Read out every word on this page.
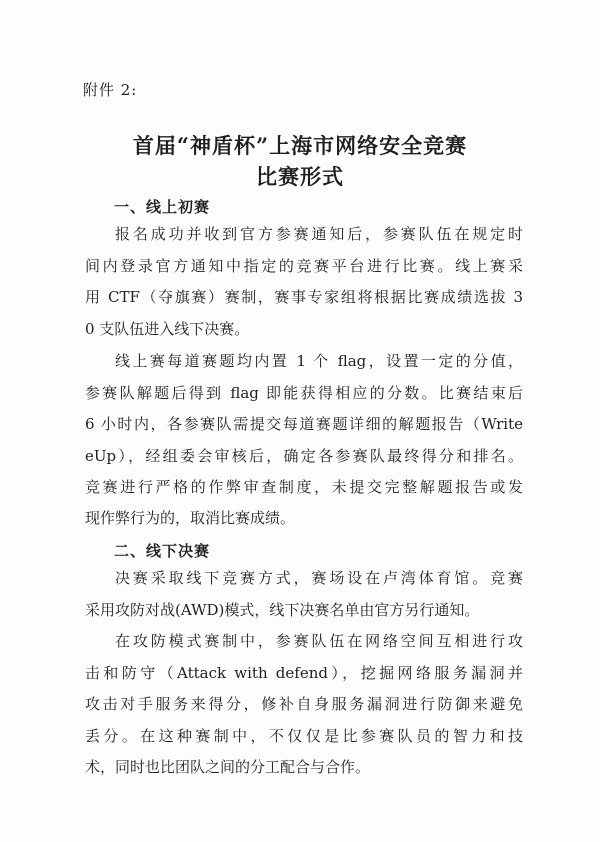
附件 2:
首届“神盾杯”上海市网络安全竞赛
比赛形式
一、线上初赛
报名成功并收到官方参赛通知后，参赛队伍在规定时
间内登录官方通知中指定的竞赛平台进行比赛。线上赛采
用 CTF（夺旗赛）赛制，赛事专家组将根据比赛成绩选拔 3
0 支队伍进入线下决赛。
线上赛每道赛题均内置 1 个 flag，设置一定的分值，
参赛队解题后得到 flag 即能获得相应的分数。比赛结束后
6 小时内，各参赛队需提交每道赛题详细的解题报告（Write
eUp），经组委会审核后，确定各参赛队最终得分和排名。
竞赛进行严格的作弊审查制度，未提交完整解题报告或发
现作弊行为的，取消比赛成绩。
二、线下决赛
决赛采取线下竞赛方式，赛场设在卢湾体育馆。竞赛
采用攻防对战(AWD)模式，线下决赛名单由官方另行通知。
在攻防模式赛制中，参赛队伍在网络空间互相进行攻
击和防守（Attack with defend），挖掘网络服务漏洞并
攻击对手服务来得分，修补自身服务漏洞进行防御来避免
丢分。在这种赛制中，不仅仅是比参赛队员的智力和技
术，同时也比团队之间的分工配合与合作。
